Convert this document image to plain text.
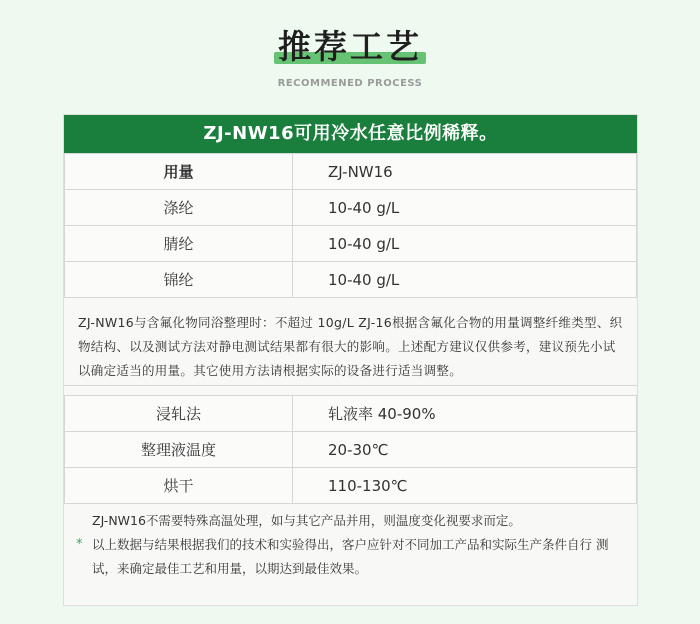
推荐工艺
RECOMMENED PROCESS
ZJ-NW16可用冷水任意比例稀释。
用量	ZJ-NW16
涤纶	10-40 g/L
腈纶	10-40 g/L
锦纶	10-40 g/L
ZJ-NW16与含氟化物同浴整理时：不超过 10g/L ZJ-16根据含氟化合物的用量调整纤维类型、织物结构、以及测试方法对静电测试结果都有很大的影响。上述配方建议仅供参考，建议预先小试以确定适当的用量。其它使用方法请根据实际的设备进行适当调整。
浸轧法	轧液率 40-90%
整理液温度	20-30℃
烘干	110-130℃
ZJ-NW16不需要特殊高温处理，如与其它产品并用，则温度变化视要求而定。
* 以上数据与结果根据我们的技术和实验得出，客户应针对不同加工产品和实际生产条件自行 测试，来确定最佳工艺和用量，以期达到最佳效果。
